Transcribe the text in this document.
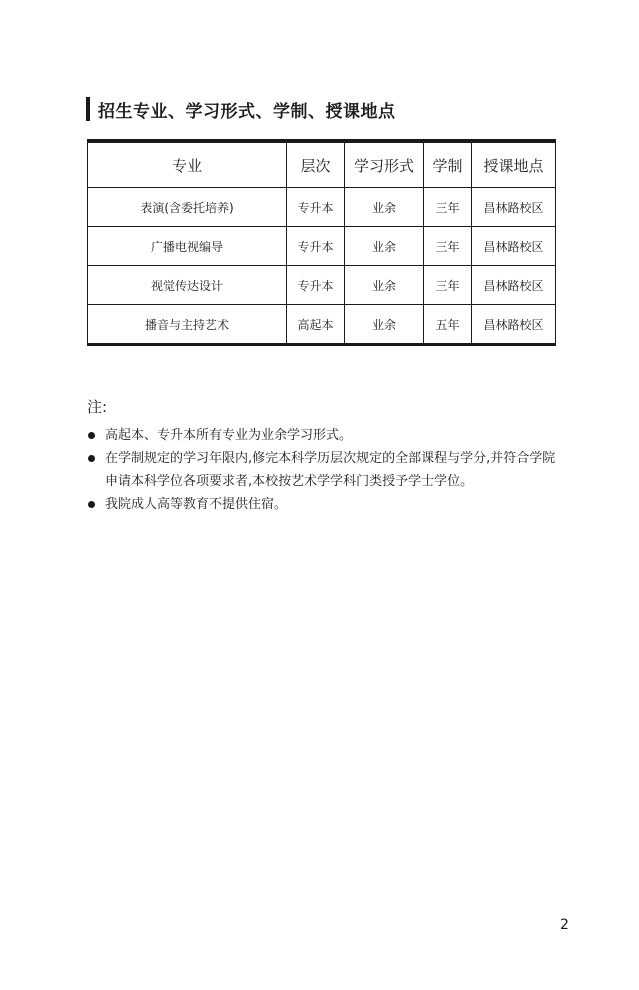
招生专业、学习形式、学制、授课地点
专业	层次	学习形式	学制	授课地点
表演(含委托培养)	专升本	业余	三年	昌林路校区
广播电视编导	专升本	业余	三年	昌林路校区
视觉传达设计	专升本	业余	三年	昌林路校区
播音与主持艺术	高起本	业余	五年	昌林路校区
注:
高起本、专升本所有专业为业余学习形式。
在学制规定的学习年限内,修完本科学历层次规定的全部课程与学分,并符合学院申请本科学位各项要求者,本校按艺术学学科门类授予学士学位。
我院成人高等教育不提供住宿。
2
